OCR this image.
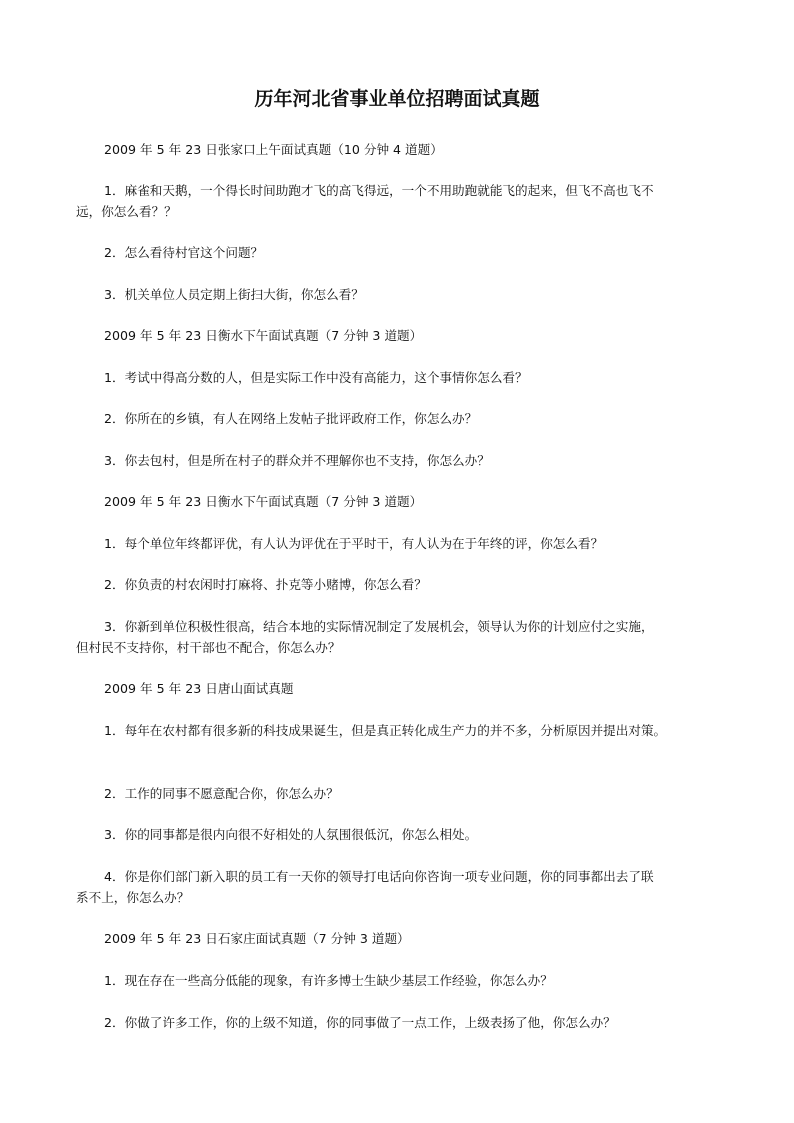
历年河北省事业单位招聘面试真题

2009 年 5 年 23 日张家口上午面试真题（10 分钟 4 道题）

1．麻雀和天鹅，一个得长时间助跑才飞的高飞得远，一个不用助跑就能飞的起来，但飞不高也飞不

远，你怎么看？？

2．怎么看待村官这个问题？

3．机关单位人员定期上街扫大街，你怎么看？

2009 年 5 年 23 日衡水下午面试真题（7 分钟 3 道题）

1．考试中得高分数的人，但是实际工作中没有高能力，这个事情你怎么看？

2．你所在的乡镇，有人在网络上发帖子批评政府工作，你怎么办？

3．你去包村，但是所在村子的群众并不理解你也不支持，你怎么办？

2009 年 5 年 23 日衡水下午面试真题（7 分钟 3 道题）

1．每个单位年终都评优，有人认为评优在于平时干，有人认为在于年终的评，你怎么看？

2．你负责的村农闲时打麻将、扑克等小赌博，你怎么看？

3．你新到单位积极性很高，结合本地的实际情况制定了发展机会，领导认为你的计划应付之实施，

但村民不支持你，村干部也不配合，你怎么办？

2009 年 5 年 23 日唐山面试真题

1．每年在农村都有很多新的科技成果诞生，但是真正转化成生产力的并不多，分析原因并提出对策。

2．工作的同事不愿意配合你，你怎么办？

3．你的同事都是很内向很不好相处的人氛围很低沉，你怎么相处。

4．你是你们部门新入职的员工有一天你的领导打电话向你咨询一项专业问题，你的同事都出去了联

系不上，你怎么办？

2009 年 5 年 23 日石家庄面试真题（7 分钟 3 道题）

1．现在存在一些高分低能的现象，有许多博士生缺少基层工作经验，你怎么办？

2．你做了许多工作，你的上级不知道，你的同事做了一点工作，上级表扬了他，你怎么办？
